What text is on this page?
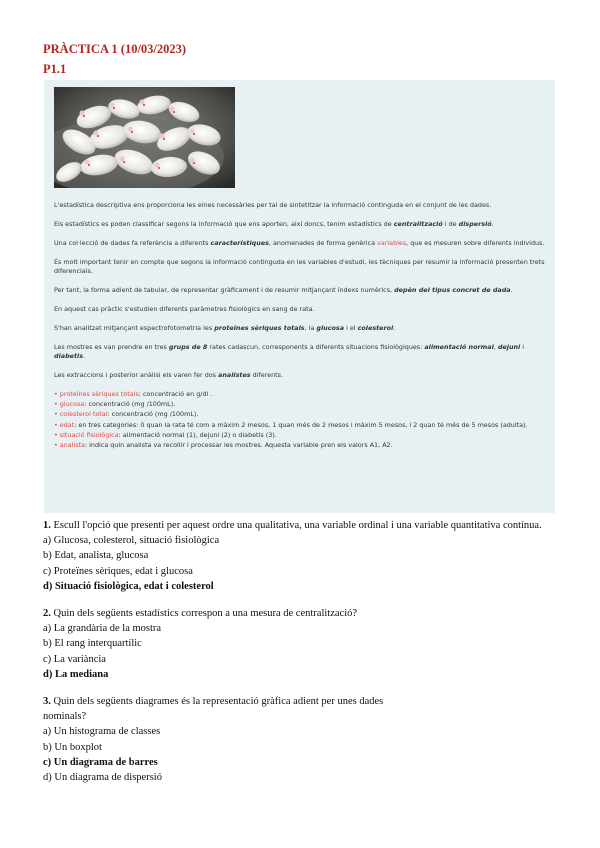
PRÀCTICA 1 (10/03/2023)
P1.1

L'estadística descriptiva ens proporciona les eines necessàries per tal de sintetitzar la informació continguda en el conjunt de les dades.

Els estadístics es poden classificar segons la informació que ens aporten, així doncs, tenim estadístics de centralització i de dispersió.

Una col·lecció de dades fa referència a diferents característiques, anomenades de forma genèrica variables, que es mesuren sobre diferents individus.

És molt important tenir en compte que segons la informació continguda en les variables d'estudi, les tècniques per resumir la informació presenten trets diferencials.

Per tant, la forma adient de tabular, de representar gràficament i de resumir mitjançant índexs numèrics, depèn del tipus concret de dada.

En aquest cas pràctic s'estudien diferents paràmetres fisiològics en sang de rata.

S'han analitzat mitjançant espectrofotometria les proteïnes sèriques totals, la glucosa i el colesterol.

Les mostres es van prendre en tres grups de 8 rates cadascun, corresponents a diferents situacions fisiològiques: alimentació normal, dejuni i diabetis.

Les extraccions i posterior anàlisi els varen fer dos analistes diferents.

• proteïnes sèriques totals: concentració en g/dl .
• glucosa: concentració (mg /100mL).
• colesterol total: concentració (mg /100mL).
• edat: en tres categories: 0 quan la rata té com a màxim 2 mesos, 1 quan més de 2 mesos i màxim 5 mesos, i 2 quan té més de 5 mesos (adulta).
• situació fisiològica: alimentació normal (1), dejuni (2) o diabetis (3).
• analista: indica quin analista va recollir i processar les mostres. Aquesta variable pren els valors A1, A2.
1. Escull l'opció que presenti per aquest ordre una qualitativa, una variable ordinal i una variable quantitativa contínua.
a) Glucosa, colesterol, situació fisiològica
b) Edat, analista, glucosa
c) Proteïnes sèriques, edat i glucosa
d) Situació fisiològica, edat i colesterol
2. Quin dels següents estadístics correspon a una mesura de centralització?
a) La grandària de la mostra
b) El rang interquartílic
c) La variància
d) La mediana
3. Quin dels següents diagrames és la representació gràfica adient per unes dades nominals?
a) Un histograma de classes
b) Un boxplot
c) Un diagrama de barres
d) Un diagrama de dispersió
